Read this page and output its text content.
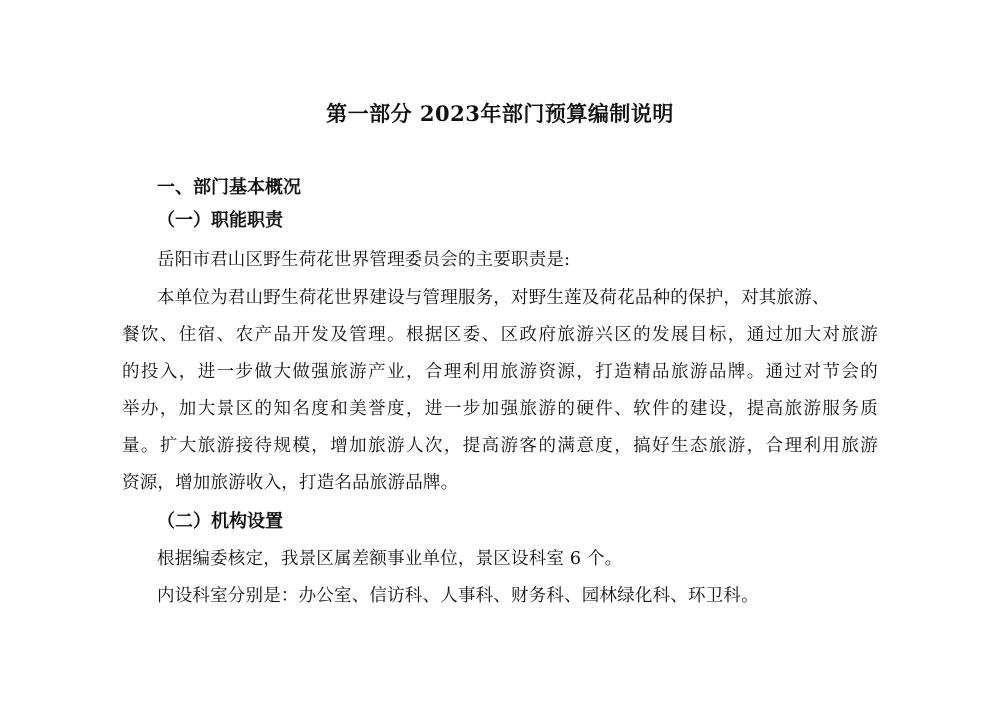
第一部分 2023年部门预算编制说明
一、部门基本概况
（一）职能职责
岳阳市君山区野生荷花世界管理委员会的主要职责是:
本单位为君山野生荷花世界建设与管理服务，对野生莲及荷花品种的保护，对其旅游、
餐饮、住宿、农产品开发及管理。根据区委、区政府旅游兴区的发展目标，通过加大对旅游
的投入，进一步做大做强旅游产业，合理利用旅游资源，打造精品旅游品牌。通过对节会的
举办，加大景区的知名度和美誉度，进一步加强旅游的硬件、软件的建设，提高旅游服务质
量。扩大旅游接待规模，增加旅游人次，提高游客的满意度，搞好生态旅游，合理利用旅游
资源，增加旅游收入，打造名品旅游品牌。
（二）机构设置
根据编委核定，我景区属差额事业单位，景区设科室 6 个。
内设科室分别是：办公室、信访科、人事科、财务科、园林绿化科、环卫科。
